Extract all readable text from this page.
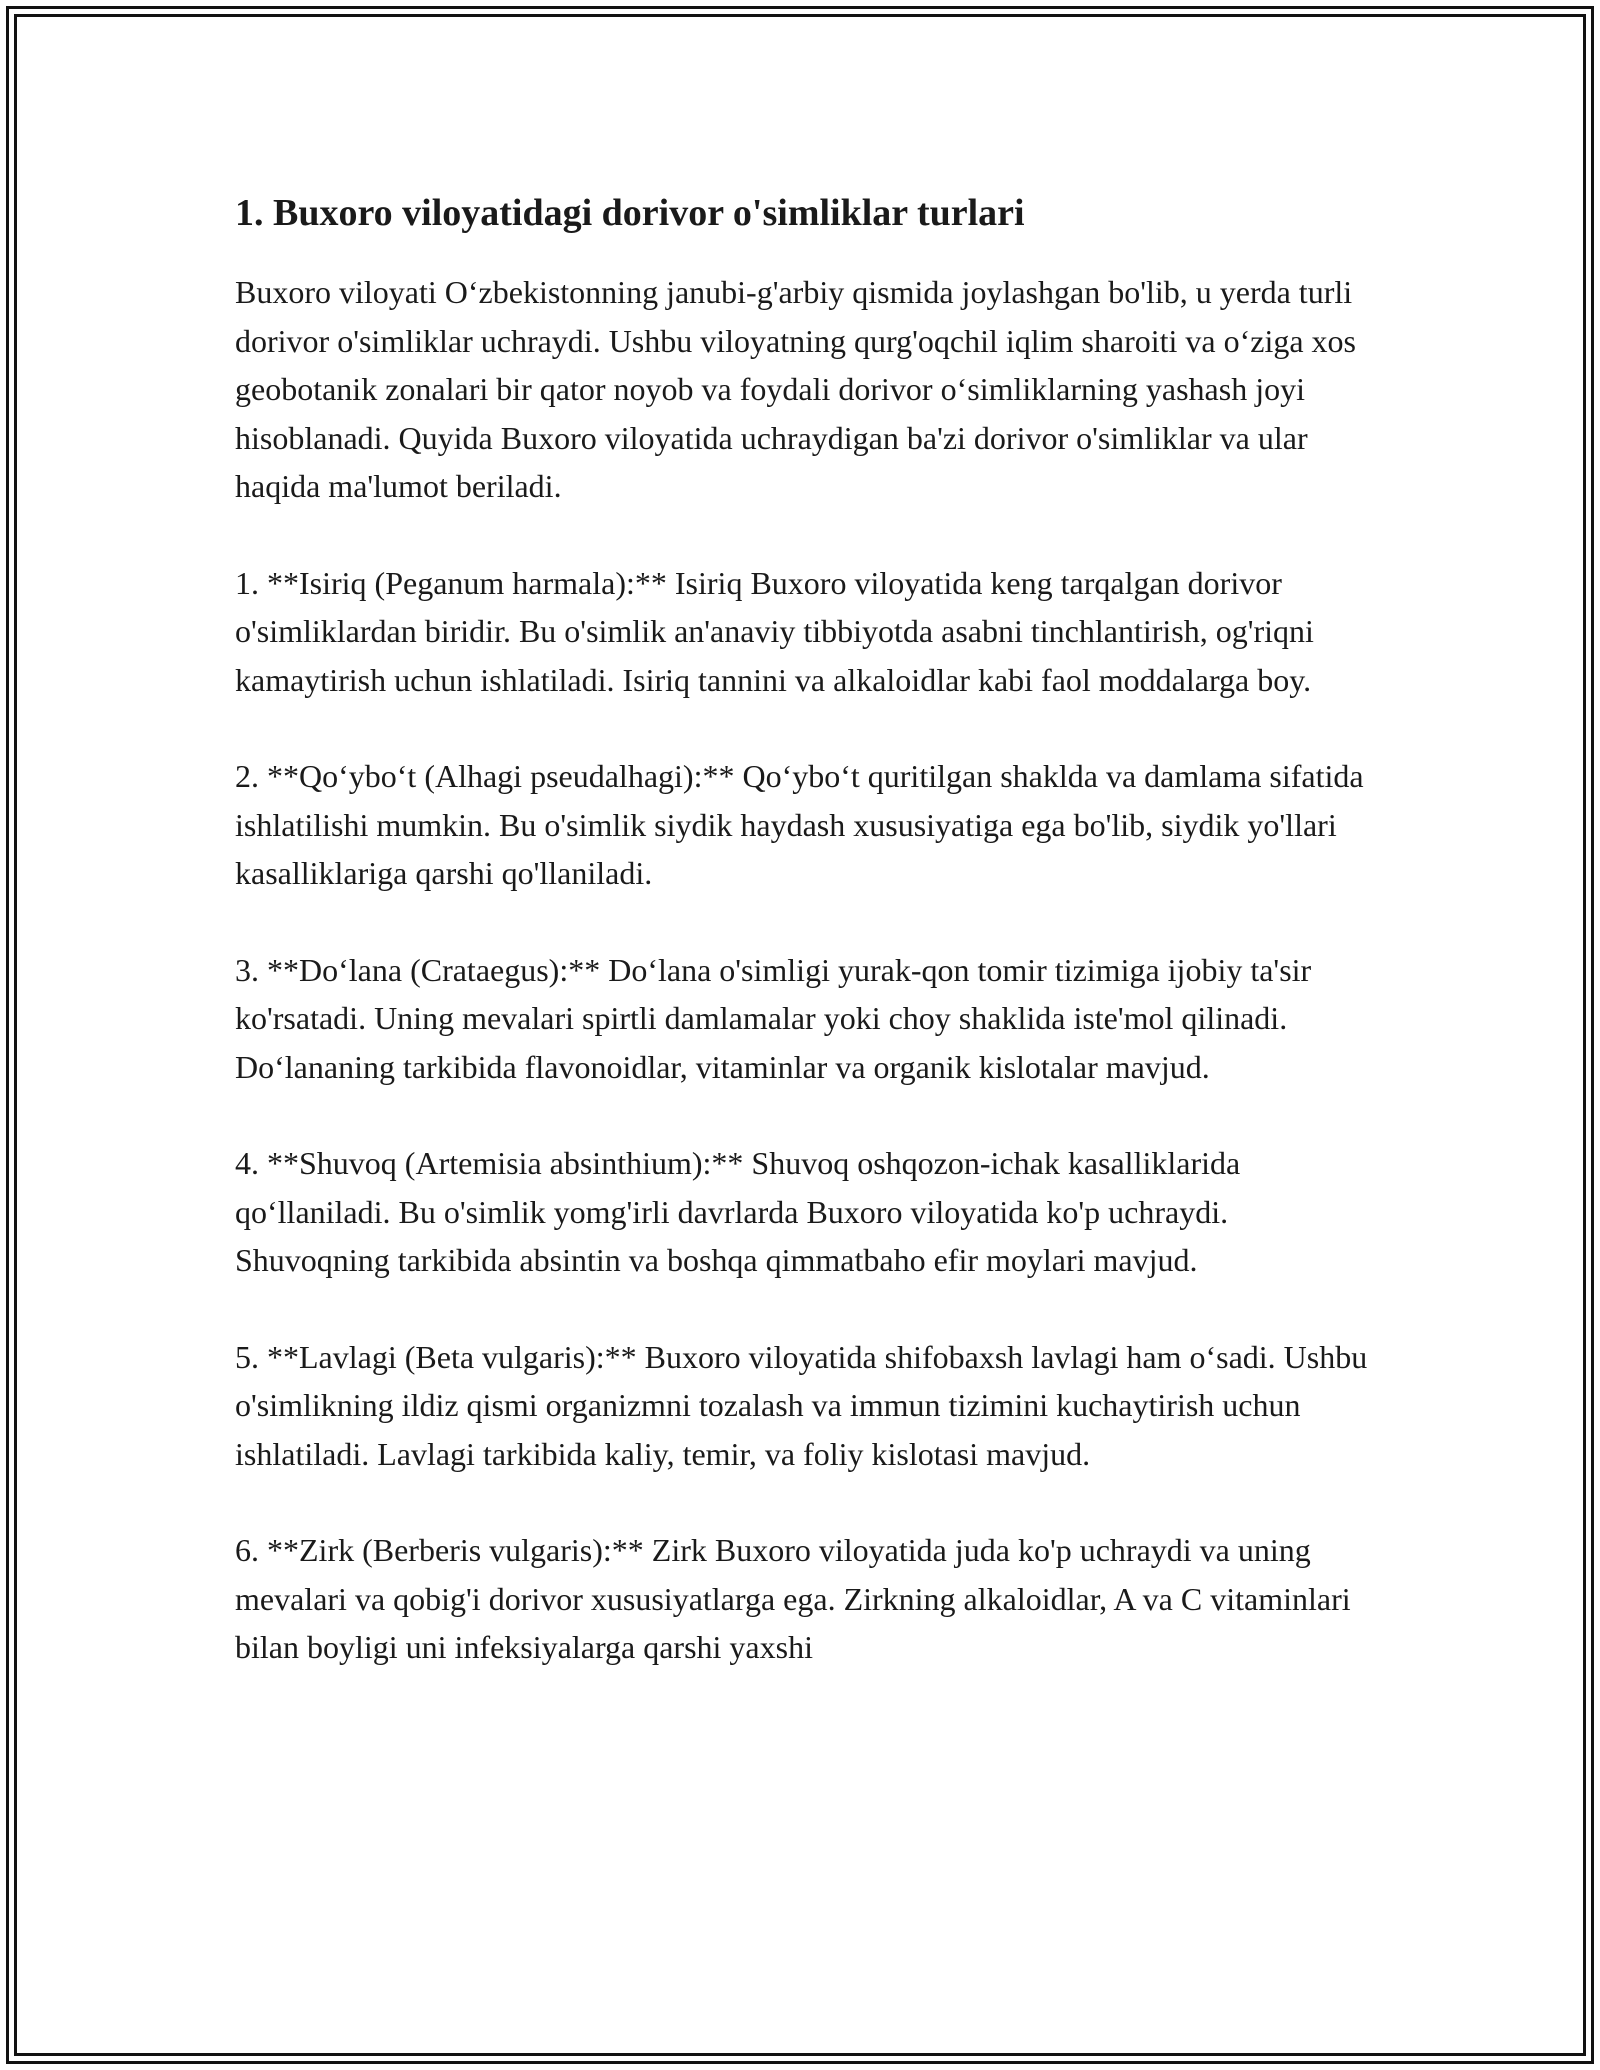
1. Buxoro viloyatidagi dorivor o'simliklar turlari

Buxoro viloyati O‘zbekistonning janubi-g'arbiy qismida joylashgan bo'lib, u yerda turli dorivor o'simliklar uchraydi. Ushbu viloyatning qurg'oqchil iqlim sharoiti va o‘ziga xos geobotanik zonalari bir qator noyob va foydali dorivor o‘simliklarning yashash joyi hisoblanadi. Quyida Buxoro viloyatida uchraydigan ba'zi dorivor o'simliklar va ular haqida ma'lumot beriladi.

1. **Isiriq (Peganum harmala):** Isiriq Buxoro viloyatida keng tarqalgan dorivor o'simliklardan biridir. Bu o'simlik an'anaviy tibbiyotda asabni tinchlantirish, og'riqni kamaytirish uchun ishlatiladi. Isiriq tannini va alkaloidlar kabi faol moddalarga boy.

2. **Qo‘ybo‘t (Alhagi pseudalhagi):** Qo‘ybo‘t quritilgan shaklda va damlama sifatida ishlatilishi mumkin. Bu o'simlik siydik haydash xususiyatiga ega bo'lib, siydik yo'llari kasalliklariga qarshi qo'llaniladi.

3. **Do‘lana (Crataegus):** Do‘lana o'simligi yurak-qon tomir tizimiga ijobiy ta'sir ko'rsatadi. Uning mevalari spirtli damlamalar yoki choy shaklida iste'mol qilinadi. Do‘lananing tarkibida flavonoidlar, vitaminlar va organik kislotalar mavjud.

4. **Shuvoq (Artemisia absinthium):** Shuvoq oshqozon-ichak kasalliklarida qo‘llaniladi. Bu o'simlik yomg'irli davrlarda Buxoro viloyatida ko'p uchraydi. Shuvoqning tarkibida absintin va boshqa qimmatbaho efir moylari mavjud.

5. **Lavlagi (Beta vulgaris):** Buxoro viloyatida shifobaxsh lavlagi ham o‘sadi. Ushbu o'simlikning ildiz qismi organizmni tozalash va immun tizimini kuchaytirish uchun ishlatiladi. Lavlagi tarkibida kaliy, temir, va foliy kislotasi mavjud.

6. **Zirk (Berberis vulgaris):** Zirk Buxoro viloyatida juda ko'p uchraydi va uning mevalari va qobig'i dorivor xususiyatlarga ega. Zirkning alkaloidlar, A va C vitaminlari bilan boyligi uni infeksiyalarga qarshi yaxshi
